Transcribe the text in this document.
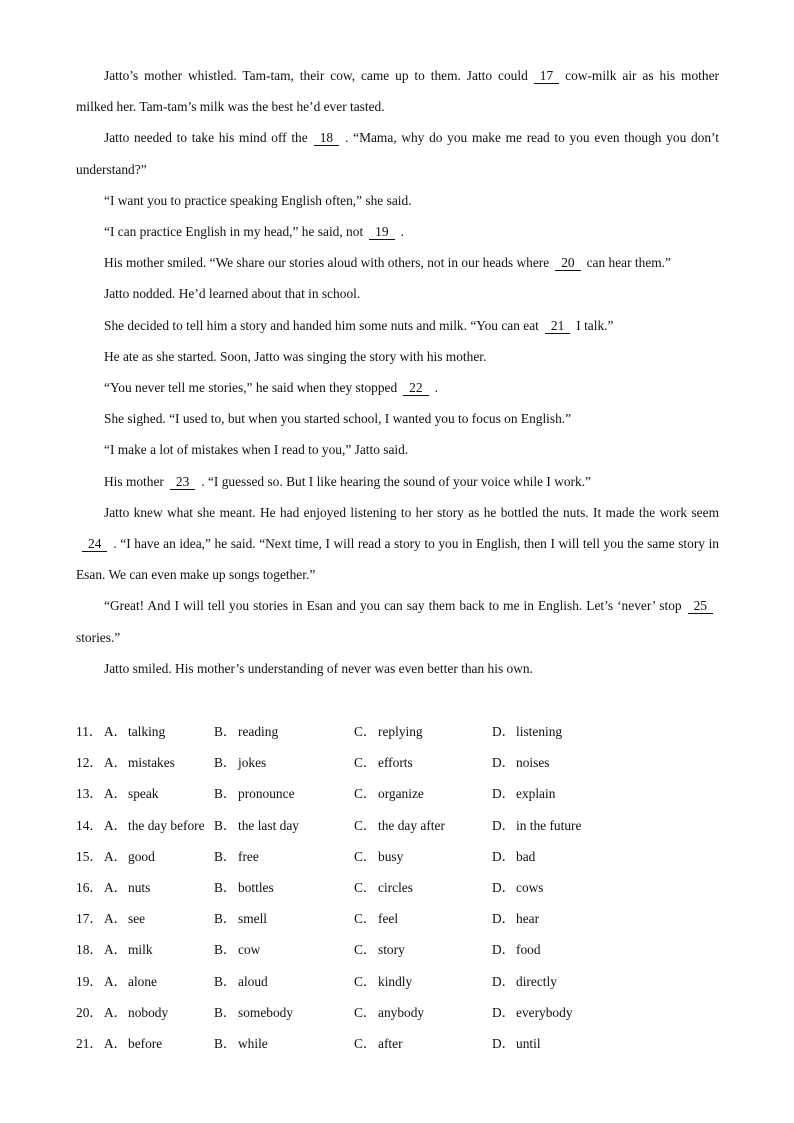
Jatto’s mother whistled. Tam-tam, their cow, came up to them. Jatto could 17 cow-milk air as his mother milked her. Tam-tam’s milk was the best he’d ever tasted.

Jatto needed to take his mind off the 18 . “Mama, why do you make me read to you even though you don’t understand?”

“I want you to practice speaking English often,” she said.

“I can practice English in my head,” he said, not 19 .

His mother smiled. “We share our stories aloud with others, not in our heads where 20 can hear them.”

Jatto nodded. He’d learned about that in school.

She decided to tell him a story and handed him some nuts and milk. “You can eat 21 I talk.”

He ate as she started. Soon, Jatto was singing the story with his mother.

“You never tell me stories,” he said when they stopped 22 .

She sighed. “I used to, but when you started school, I wanted you to focus on English.”

“I make a lot of mistakes when I read to you,” Jatto said.

His mother 23 . “I guessed so. But I like hearing the sound of your voice while I work.”

Jatto knew what she meant. He had enjoyed listening to her story as he bottled the nuts. It made the work seem24 . “I have an idea,” he said. “Next time, I will read a story to you in English, then I will tell you the same story in Esan. We can even make up songs together.”

“Great! And I will tell you stories in Esan and you can say them back to me in English. Let’s ‘never’ stop 25stories.”

Jatto smiled. His mother’s understanding of never was even better than his own.

11． A． talking	B． reading	C． replying	D． listening
12． A． mistakes	B． jokes	C． efforts	D． noises
13． A． speak	B． pronounce	C． organize	D． explain
14． A． the day before B． the last day	C． the day after	D． in the future
15． A． good	B． free	C． busy	D． bad
16． A． nuts	B． bottles	C． circles	D． cows
17． A． see	B． smell	C． feel	D． hear
18． A． milk	B． cow	C． story	D． food
19． A． alone	B． aloud	C． kindly	D． directly
20． A． nobody	B． somebody	C． anybody	D． everybody
21． A． before	B． while	C． after	D． until
